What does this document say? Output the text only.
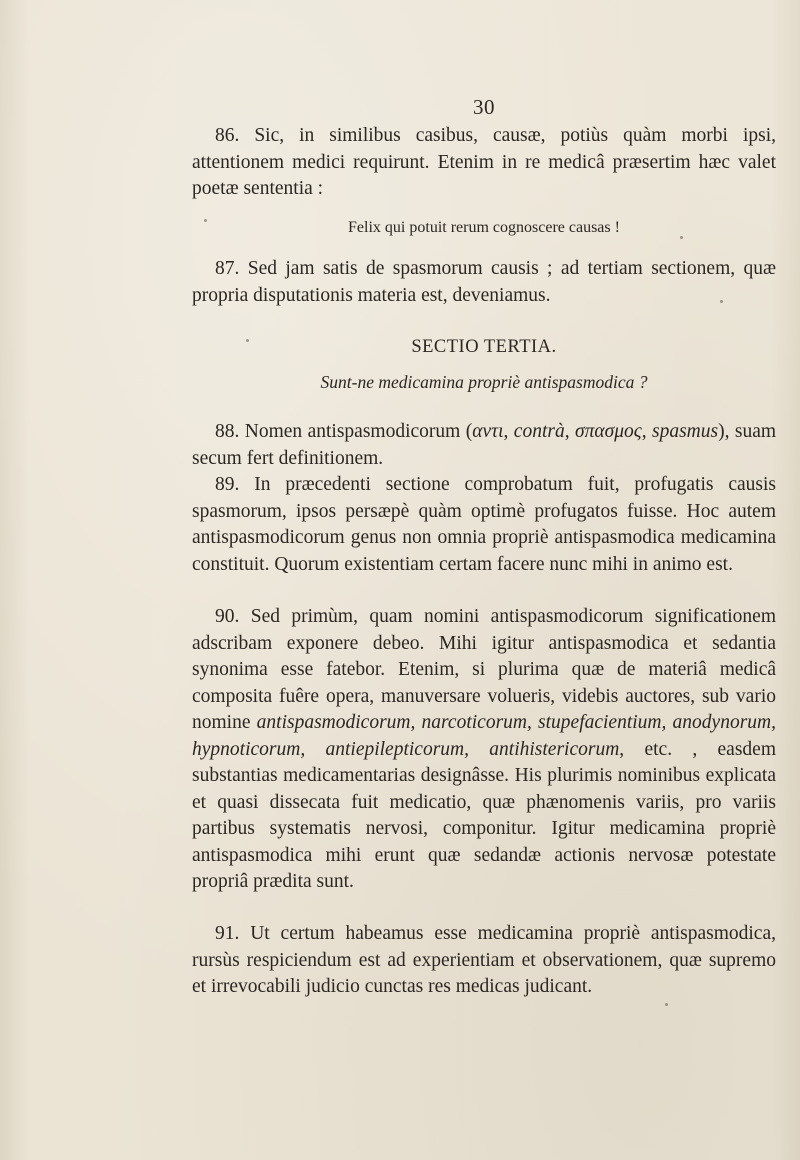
30

86. Sic, in similibus casibus, causæ, potiùs quàm morbi ipsi, attentionem medici requirunt. Etenim in re medicâ præsertim hæc valet poetæ sententia :

Felix qui potuit rerum cognoscere causas !

87. Sed jam satis de spasmorum causis ; ad tertiam sectionem, quæ propria disputationis materia est, deveniamus.

SECTIO TERTIA.
Sunt-ne medicamina propriè antispasmodica ?

88. Nomen antispasmodicorum (αντι, contrà, σπασμος, spasmus), suam secum fert definitionem.

89. In præcedenti sectione comprobatum fuit, profugatis causis spasmorum, ipsos persæpè quàm optimè profugatos fuisse. Hoc autem antispasmodicorum genus non omnia propriè antispasmodica medicamina constituit. Quorum existentiam certam facere nunc mihi in animo est.

90. Sed primùm, quam nomini antispasmodicorum significationem adscribam exponere debeo. Mihi igitur antispasmodica et sedantia synonima esse fatebor. Etenim, si plurima quæ de materiâ medicâ composita fuêre opera, manuversare volueris, videbis auctores, sub vario nomine antispasmodicorum, narcoticorum, stupefacientium, anodynorum, hypnoticorum, antiepilepticorum, antihistericorum, etc. , easdem substantias medicamentarias designâsse. His plurimis nominibus explicata et quasi dissecata fuit medicatio, quæ phænomenis variis, pro variis partibus systematis nervosi, componitur. Igitur medicamina propriè antispasmodica mihi erunt quæ sedandæ actionis nervosæ potestate propriâ prædita sunt.

91. Ut certum habeamus esse medicamina propriè antispasmodica, rursùs respiciendum est ad experientiam et observationem, quæ supremo et irrevocabili judicio cunctas res medicas judicant.
